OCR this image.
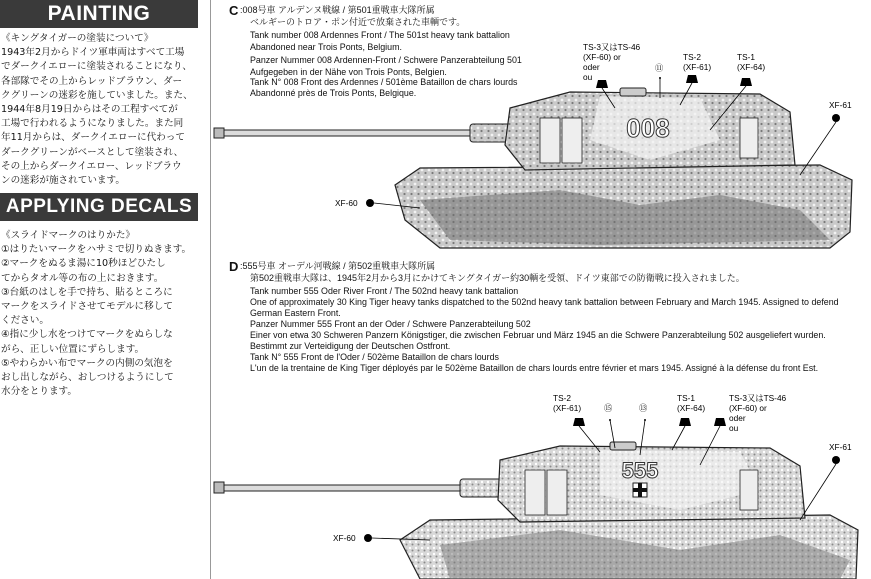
PAINTING
《キングタイガーの塗装について》
1943年2月からドイツ軍車両はすべて工場
でダークイエローに塗装されることになり、
各部隊でその上からレッドブラウン、ダー
クグリーンの迷彩を施していました。また、
1944年8月19日からはその工程すべてが
工場で行われるようになりました。また同
年11月からは、ダークイエローに代わって
ダークグリーンがベースとして塗装され、
その上からダークイエロー、レッドブラウ
ンの迷彩が施されています。
APPLYING DECALS
《スライドマークのはりかた》
①はりたいマークをハサミで切りぬきます。
②マークをぬるま湯に10秒ほどひたし
てからタオル等の布の上におきます。
③台紙のはしを手で持ち、貼るところに
マークをスライドさせてモデルに移して
ください。
④指に少し水をつけてマークをぬらしな
がら、正しい位置にずらします。
⑤やわらかい布でマークの内側の気泡を
おし出しながら、おしつけるようにして
水分をとります。
C :008号車 アルデンヌ戦線 / 第501重戦車大隊所属
ベルギーのトロア・ポン付近で放棄された車輌です。
Tank number 008 Ardennes Front / The 501st heavy tank battalion
Abandoned near Trois Ponts, Belgium.
Panzer Nummer 008 Ardennen-Front / Schwere Panzerabteilung 501
Aufgegeben in der Nähe von Trois Ponts, Belgien.
Tank N° 008 Front des Ardennes / 501ème Bataillon de chars lourds
Abandonné près de Trois Ponts, Belgique.
D :555号車 オーデル河戦線 / 第502重戦車大隊所属
第502重戦車大隊は、1945年2月から3月にかけてキングタイガー約30輌を受領、ドイツ東部での防衛戦に投入されました。
Tank number 555 Oder River Front / The 502nd heavy tank battalion
One of approximately 30 King Tiger heavy tanks dispatched to the 502nd heavy tank battalion between February and March 1945. Assigned to defend
German Eastern Front.
Panzer Nummer 555 Front an der Oder / Schwere Panzerabteilung 502
Einer von etwa 30 Schweren Panzern Königstiger, die zwischen Februar und März 1945 an die Schwere Panzerabteilung 502 ausgeliefert wurden.
Bestimmt zur Verteidigung der Deutschen Ostfront.
Tank N° 555 Front de l'Oder / 502ème Bataillon de chars lourds
L'un de la trentaine de King Tiger déployés par le 502ème Bataillon de chars lourds entre février et mars 1945. Assigné à la défense du front Est.
008
TS-3又はTS-46
(XF-60) or
oder
ou
⑪
TS-2
(XF-61)
TS-1
(XF-64)
XF-61
XF-60
555
TS-2
(XF-61)	⑮	⑬
TS-1
(XF-64)
TS-3又はTS-46
(XF-60) or
oder
ou
XF-61
XF-60
